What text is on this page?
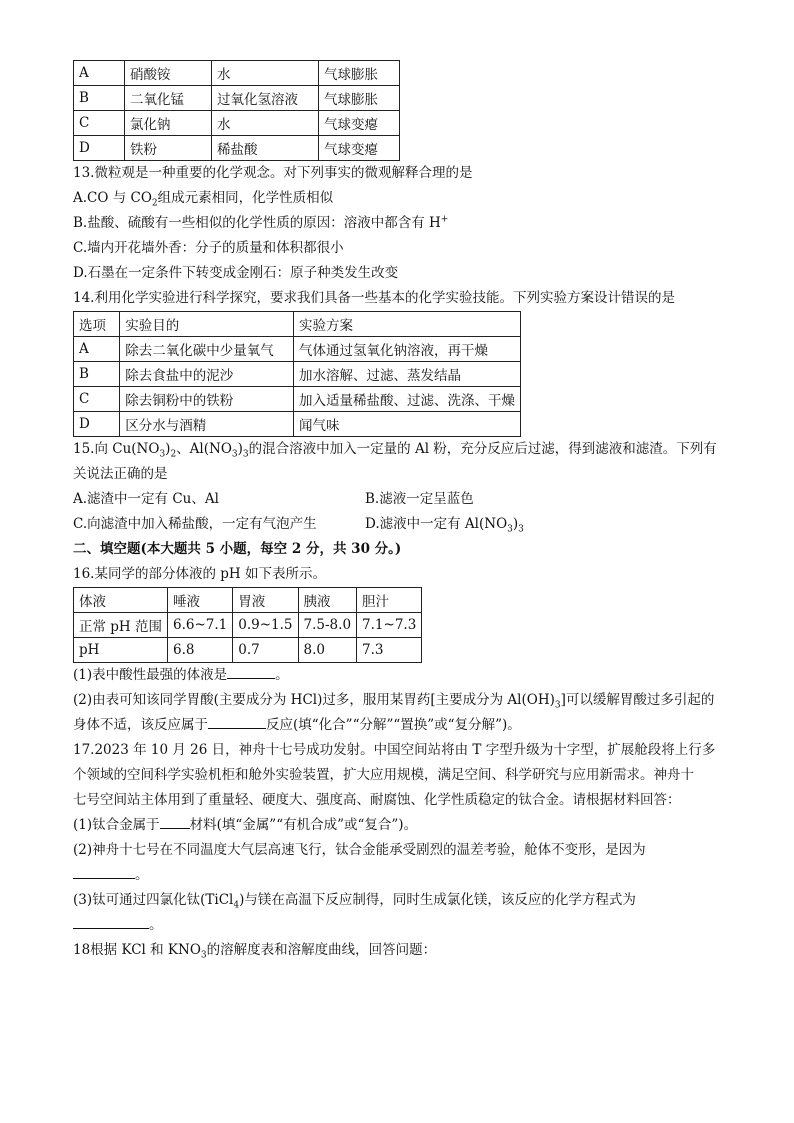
A	硝酸铵	水	气球膨胀
B	二氧化锰	过氧化氢溶液	气球膨胀
C	氯化钠	水	气球变瘪
D	铁粉	稀盐酸	气球变瘪
13.微粒观是一种重要的化学观念。对下列事实的微观解释合理的是
A.CO 与 $CO_2$组成元素相同，化学性质相似
B.盐酸、硫酸有一些相似的化学性质的原因：溶液中都含有 H+
C.墙内开花墙外香：分子的质量和体积都很小
D.石墨在一定条件下转变成金刚石：原子种类发生改变
14.利用化学实验进行科学探究，要求我们具备一些基本的化学实验技能。下列实验方案设计错误的是
选项	实验目的	实验方案
A	除去二氧化碳中少量氧气	气体通过氢氧化钠溶液，再干燥
B	除去食盐中的泥沙	加水溶解、过滤、蒸发结晶
C	除去铜粉中的铁粉	加入适量稀盐酸、过滤、洗涤、干燥
D	区分水与酒精	闻气味
15.向 $Cu(NO_3)_2$、$Al(NO_3)_3$的混合溶液中加入一定量的 Al 粉，充分反应后过滤，得到滤液和滤渣。下列有
关说法正确的是
A.滤渣中一定有 Cu、Al	B.滤液一定呈蓝色
C.向滤渣中加入稀盐酸，一定有气泡产生	D.滤液中一定有 $Al(NO_3)_3$
二、填空题(本大题共 5 小题，每空 2 分，共 30 分。)
16.某同学的部分体液的 pH 如下表所示。
体液	唾液	胃液	胰液	胆汁
正常 pH 范围	6.6~7.1	0.9~1.5	7.5-8.0	7.1~7.3
pH	6.8	0.7	8.0	7.3
(1)表中酸性最强的体液是	。
(2)由表可知该同学胃酸(主要成分为 HCl)过多，服用某胃药[主要成分为 $Al(OH)_3$]可以缓解胃酸过多引起的
身体不适，该反应属于	反应(填“化合”“分解”“置换”或“复分解”)。
17.2023 年 10 月 26 日，神舟十七号成功发射。中国空间站将由 T 字型升级为十字型，扩展舱段将上行多
个领域的空间科学实验机柜和舱外实验装置，扩大应用规模，满足空间、科学研究与应用新需求。神舟十
七号空间站主体用到了重量轻、硬度大、强度高、耐腐蚀、化学性质稳定的钛合金。请根据材料回答：
(1)钛合金属于 材料(填“金属”“有机合成”或“复合”)。
(2)神舟十七号在不同温度大气层高速飞行，钛合金能承受剧烈的温差考验，舱体不变形，是因为
。
(3)钛可通过四氯化钛(TiCl$_4$)与镁在高温下反应制得，同时生成氯化镁，该反应的化学方程式为
。
18根据 KCl 和 $KNO_3$的溶解度表和溶解度曲线，回答问题：
